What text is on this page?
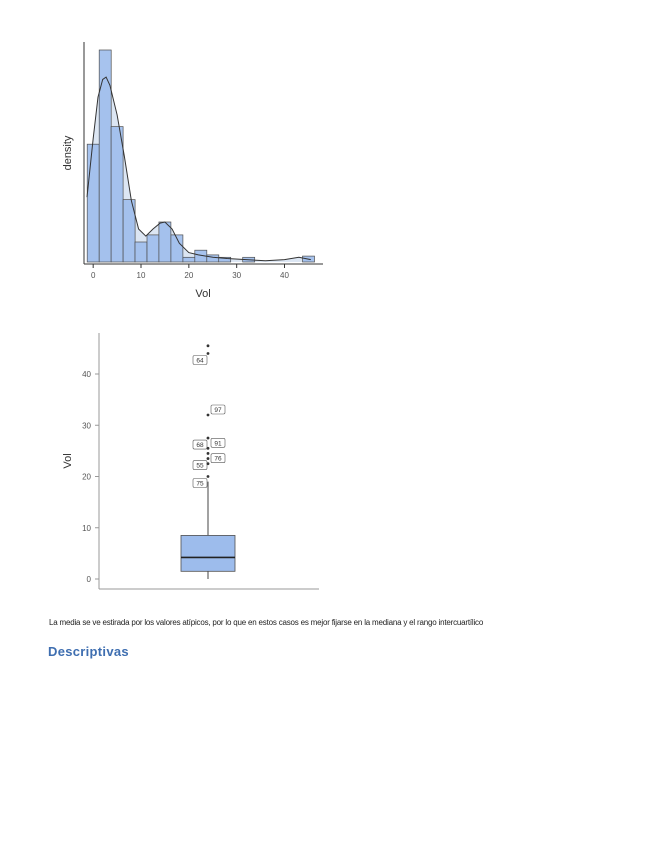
0	10	20	30	40
Vol
density
0
10
20
30
40
64
97
68 91
55
76
75
Vol
La media se ve estirada por los valores atípicos, por lo que en estos casos es mejor fijarse en la mediana y el rango intercuartílico
Descriptivas
